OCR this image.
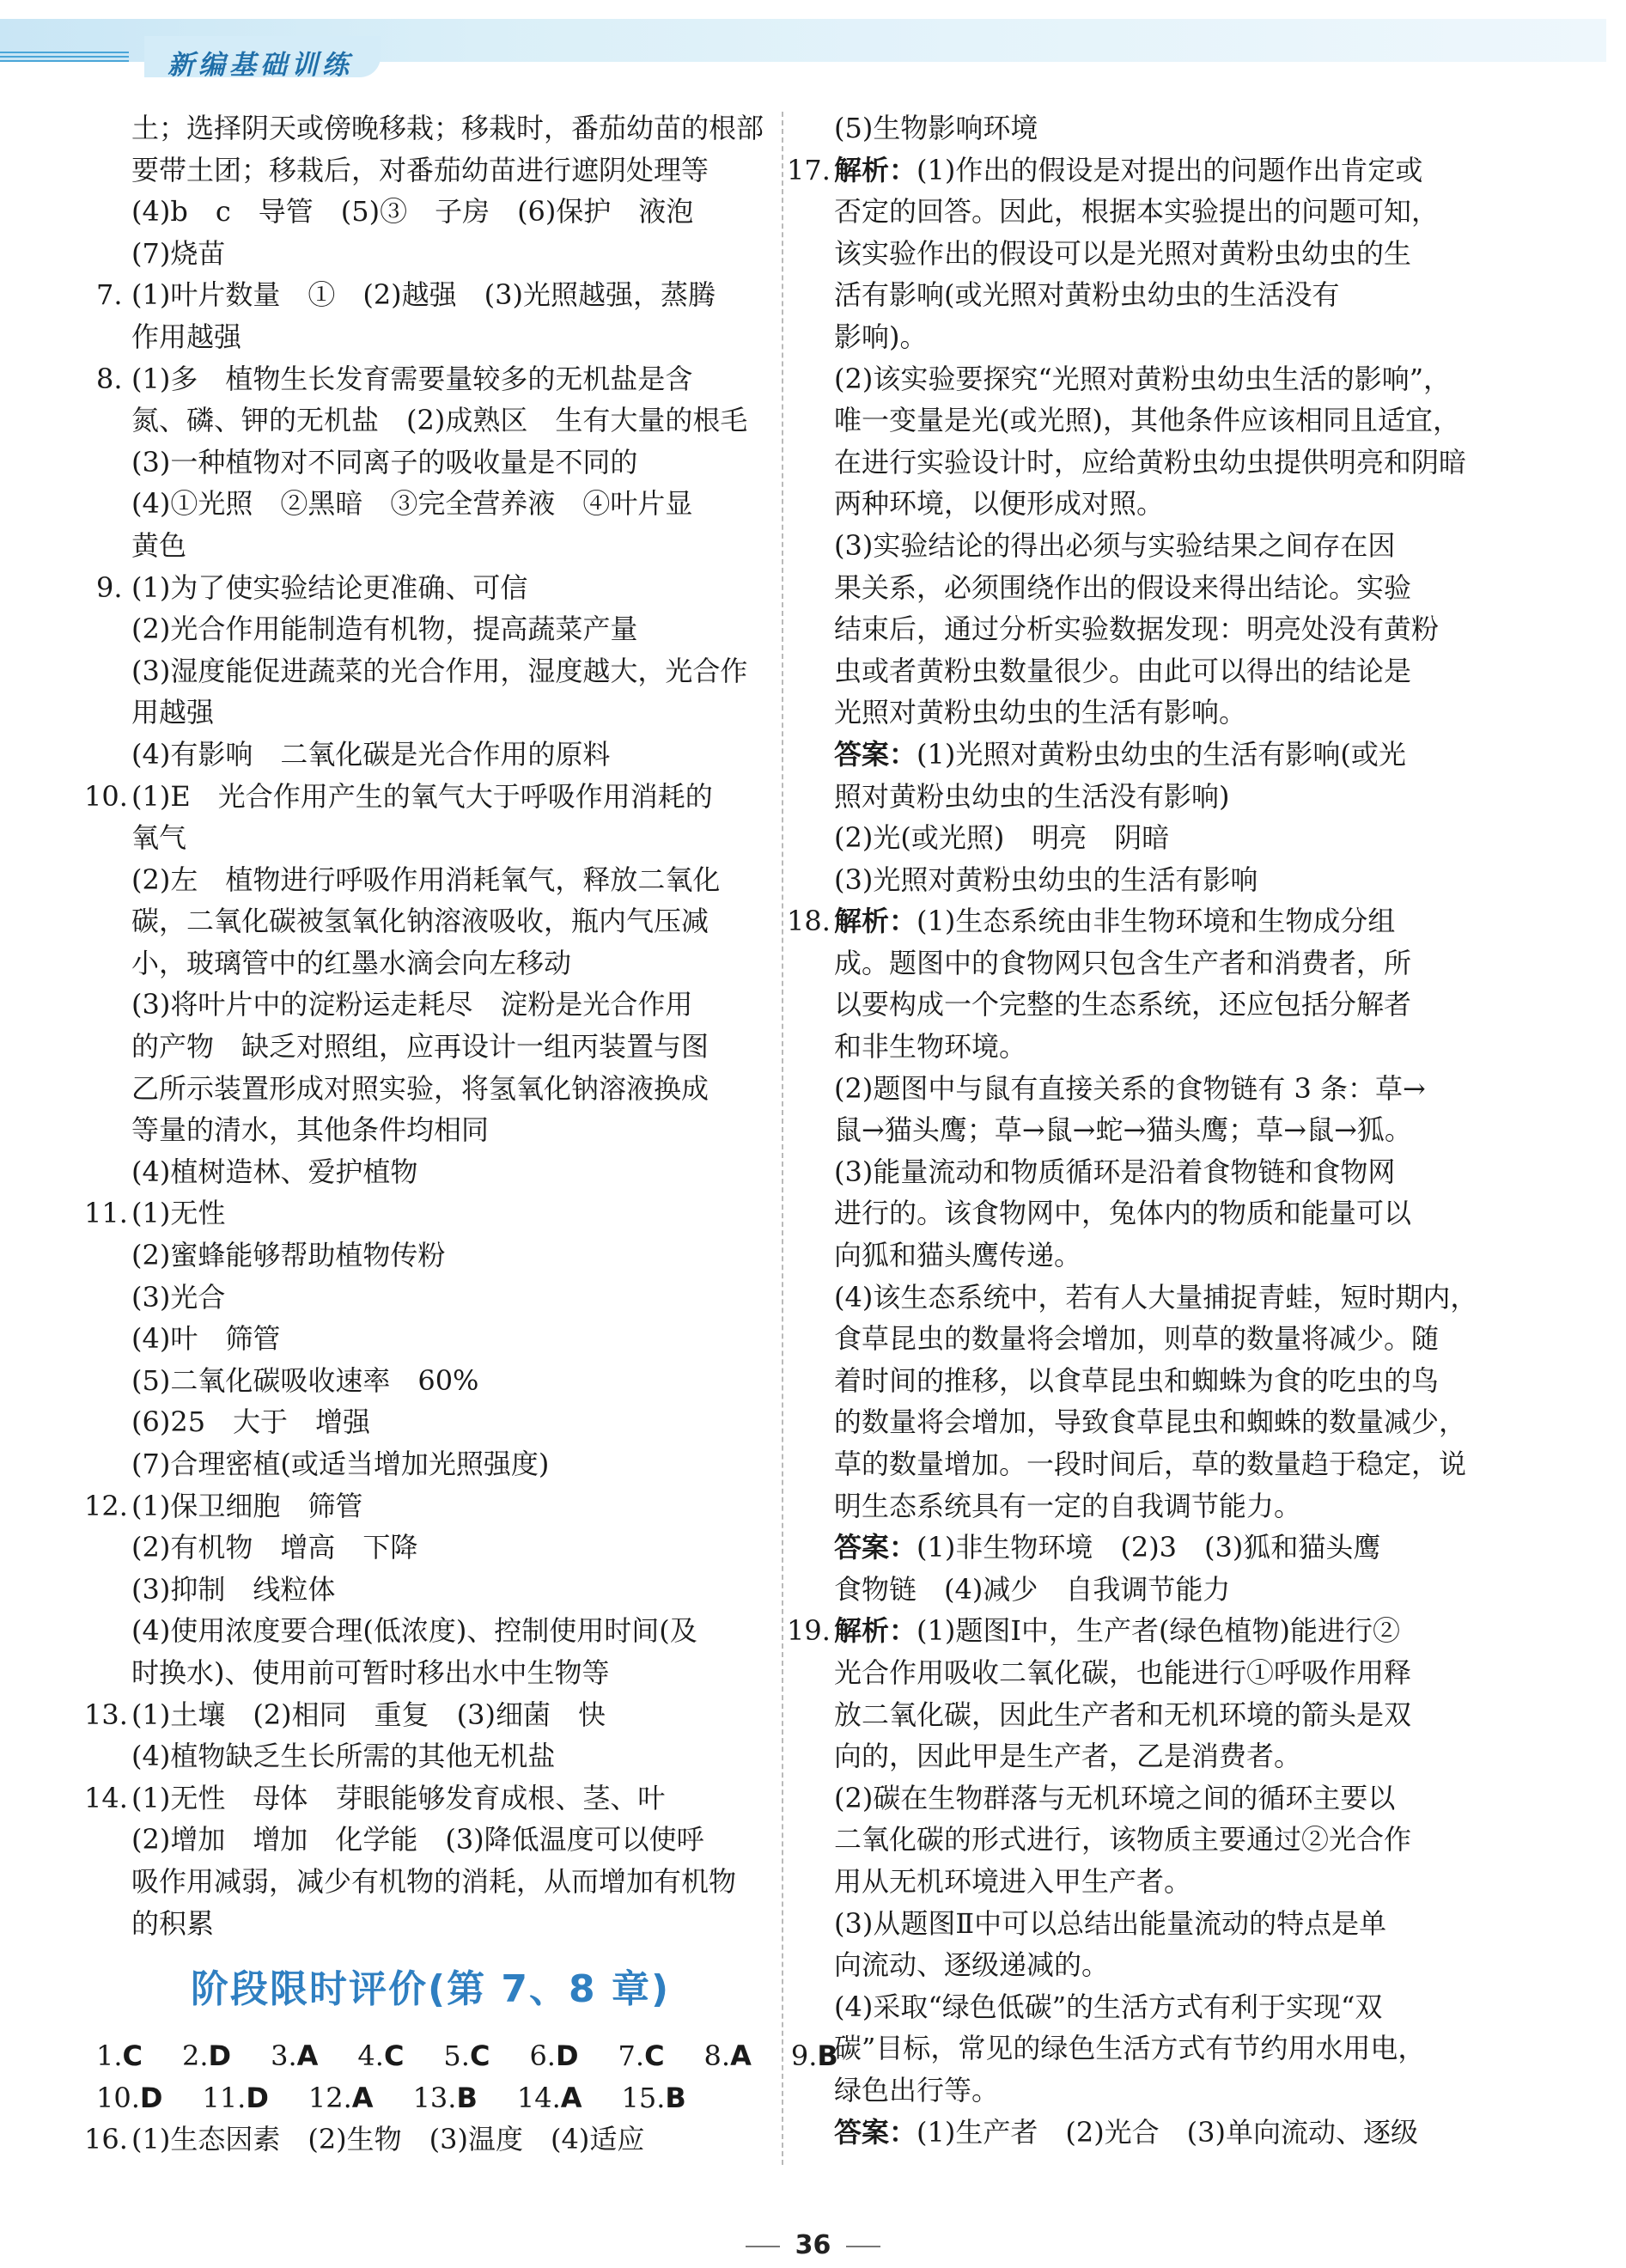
新编基础训练
土；选择阴天或傍晚移栽；移栽时，番茄幼苗的根部
要带土团；移栽后，对番茄幼苗进行遮阴处理等
(4)b　c　导管　(5)③　子房　(6)保护　液泡
(7)烧苗
7. (1)叶片数量　①　(2)越强　(3)光照越强，蒸腾
作用越强
8. (1)多　植物生长发育需要量较多的无机盐是含
氮、磷、钾的无机盐　(2)成熟区　生有大量的根毛
(3)一种植物对不同离子的吸收量是不同的
(4)①光照　②黑暗　③完全营养液　④叶片显
黄色
9. (1)为了使实验结论更准确、可信
(2)光合作用能制造有机物，提高蔬菜产量
(3)湿度能促进蔬菜的光合作用，湿度越大，光合作
用越强
(4)有影响　二氧化碳是光合作用的原料
10. (1)E　光合作用产生的氧气大于呼吸作用消耗的
氧气
(2)左　植物进行呼吸作用消耗氧气，释放二氧化
碳，二氧化碳被氢氧化钠溶液吸收，瓶内气压减
小，玻璃管中的红墨水滴会向左移动
(3)将叶片中的淀粉运走耗尽　淀粉是光合作用
的产物　缺乏对照组，应再设计一组丙装置与图
乙所示装置形成对照实验，将氢氧化钠溶液换成
等量的清水，其他条件均相同
(4)植树造林、爱护植物
11. (1)无性
(2)蜜蜂能够帮助植物传粉
(3)光合
(4)叶　筛管
(5)二氧化碳吸收速率　60%
(6)25　大于　增强
(7)合理密植(或适当增加光照强度)
12. (1)保卫细胞　筛管
(2)有机物　增高　下降
(3)抑制　线粒体
(4)使用浓度要合理(低浓度)、控制使用时间(及
时换水)、使用前可暂时移出水中生物等
13. (1)土壤　(2)相同　重复　(3)细菌　快
(4)植物缺乏生长所需的其他无机盐
14. (1)无性　母体　芽眼能够发育成根、茎、叶
(2)增加　增加　化学能　(3)降低温度可以使呼
吸作用减弱，减少有机物的消耗，从而增加有机物
的积累
阶段限时评价(第 7、8 章)
1.C 2.D 3.A 4.C 5.C 6.D 7.C 8.A 9.B
10.D 11.D 12.A 13.B 14.A 15.B
16. (1)生态因素　(2)生物　(3)温度　(4)适应
(5)生物影响环境
17. 解析：(1)作出的假设是对提出的问题作出肯定或
否定的回答。因此，根据本实验提出的问题可知，
该实验作出的假设可以是光照对黄粉虫幼虫的生
活有影响(或光照对黄粉虫幼虫的生活没有
影响)。
(2)该实验要探究“光照对黄粉虫幼虫生活的影响”，
唯一变量是光(或光照)，其他条件应该相同且适宜，
在进行实验设计时，应给黄粉虫幼虫提供明亮和阴暗
两种环境，以便形成对照。
(3)实验结论的得出必须与实验结果之间存在因
果关系，必须围绕作出的假设来得出结论。实验
结束后，通过分析实验数据发现：明亮处没有黄粉
虫或者黄粉虫数量很少。由此可以得出的结论是
光照对黄粉虫幼虫的生活有影响。
答案：(1)光照对黄粉虫幼虫的生活有影响(或光
照对黄粉虫幼虫的生活没有影响)
(2)光(或光照)　明亮　阴暗
(3)光照对黄粉虫幼虫的生活有影响
18. 解析：(1)生态系统由非生物环境和生物成分组
成。题图中的食物网只包含生产者和消费者，所
以要构成一个完整的生态系统，还应包括分解者
和非生物环境。
(2)题图中与鼠有直接关系的食物链有 3 条：草→
鼠→猫头鹰；草→鼠→蛇→猫头鹰；草→鼠→狐。
(3)能量流动和物质循环是沿着食物链和食物网
进行的。该食物网中，兔体内的物质和能量可以
向狐和猫头鹰传递。
(4)该生态系统中，若有人大量捕捉青蛙，短时期内，
食草昆虫的数量将会增加，则草的数量将减少。随
着时间的推移，以食草昆虫和蜘蛛为食的吃虫的鸟
的数量将会增加，导致食草昆虫和蜘蛛的数量减少，
草的数量增加。一段时间后，草的数量趋于稳定，说
明生态系统具有一定的自我调节能力。
答案：(1)非生物环境　(2)3　(3)狐和猫头鹰
食物链　(4)减少　自我调节能力
19. 解析：(1)题图Ⅰ中，生产者(绿色植物)能进行②
光合作用吸收二氧化碳，也能进行①呼吸作用释
放二氧化碳，因此生产者和无机环境的箭头是双
向的，因此甲是生产者，乙是消费者。
(2)碳在生物群落与无机环境之间的循环主要以
二氧化碳的形式进行，该物质主要通过②光合作
用从无机环境进入甲生产者。
(3)从题图Ⅱ中可以总结出能量流动的特点是单
向流动、逐级递减的。
(4)采取“绿色低碳”的生活方式有利于实现“双
碳”目标，常见的绿色生活方式有节约用水用电，
绿色出行等。
答案：(1)生产者　(2)光合　(3)单向流动、逐级
36
